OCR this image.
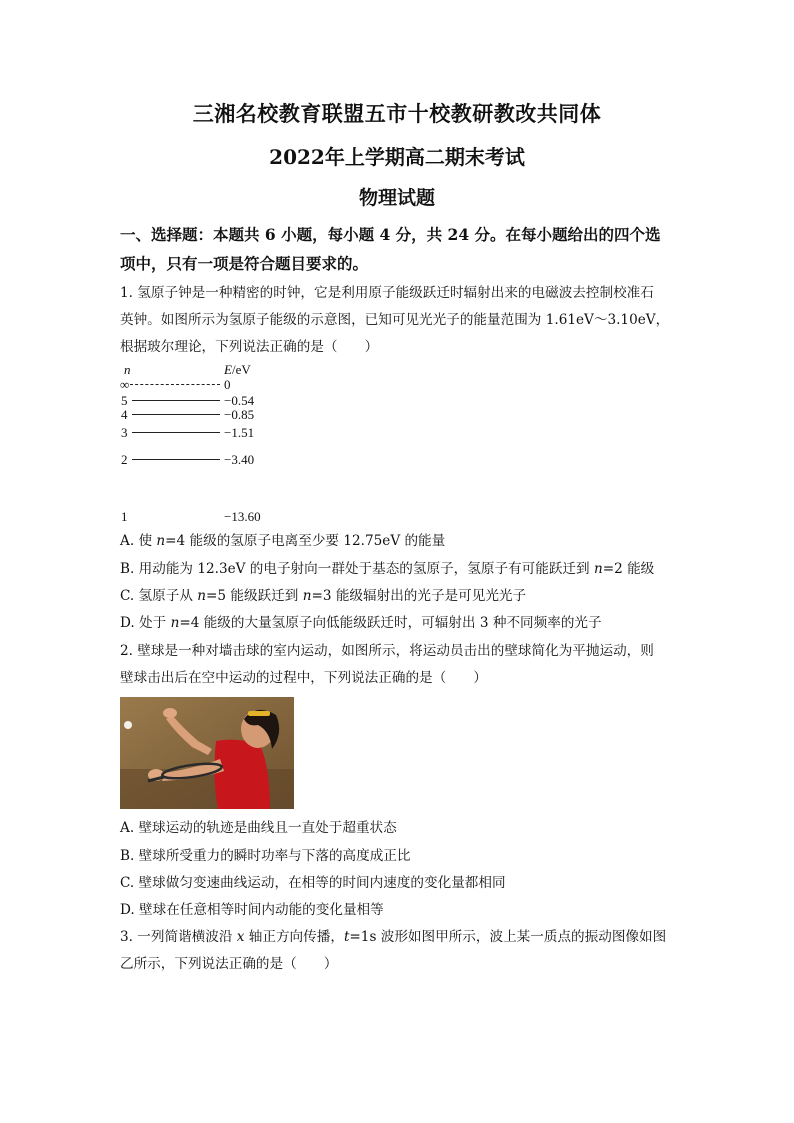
三湘名校教育联盟五市十校教研教改共同体
2022年上学期高二期末考试
物理试题
一、选择题：本题共 6 小题，每小题 4 分，共 24 分。在每小题给出的四个选
项中，只有一项是符合题目要求的。
1. 氢原子钟是一种精密的时钟，它是利用原子能级跃迁时辐射出来的电磁波去控制校准石
英钟。如图所示为氢原子能级的示意图，已知可见光光子的能量范围为 1.61eV～3.10eV，
根据玻尔理论，下列说法正确的是（　　）
n	E/eV
∞	0
5	−0.54
4	−0.85
3	−1.51
2	−3.40
1	−13.60
A. 使 n=4 能级的氢原子电离至少要 12.75eV 的能量
B. 用动能为 12.3eV 的电子射向一群处于基态的氢原子，氢原子有可能跃迁到 n=2 能级
C. 氢原子从 n=5 能级跃迁到 n=3 能级辐射出的光子是可见光光子
D. 处于 n=4 能级的大量氢原子向低能级跃迁时，可辐射出 3 种不同频率的光子
2. 壁球是一种对墙击球的室内运动，如图所示，将运动员击出的壁球简化为平抛运动，则
壁球击出后在空中运动的过程中，下列说法正确的是（　　）
A. 壁球运动的轨迹是曲线且一直处于超重状态
B. 壁球所受重力的瞬时功率与下落的高度成正比
C. 壁球做匀变速曲线运动，在相等的时间内速度的变化量都相同
D. 壁球在任意相等时间内动能的变化量相等
3. 一列简谐横波沿 x 轴正方向传播，t=1s 波形如图甲所示，波上某一质点的振动图像如图
乙所示，下列说法正确的是（　　）
